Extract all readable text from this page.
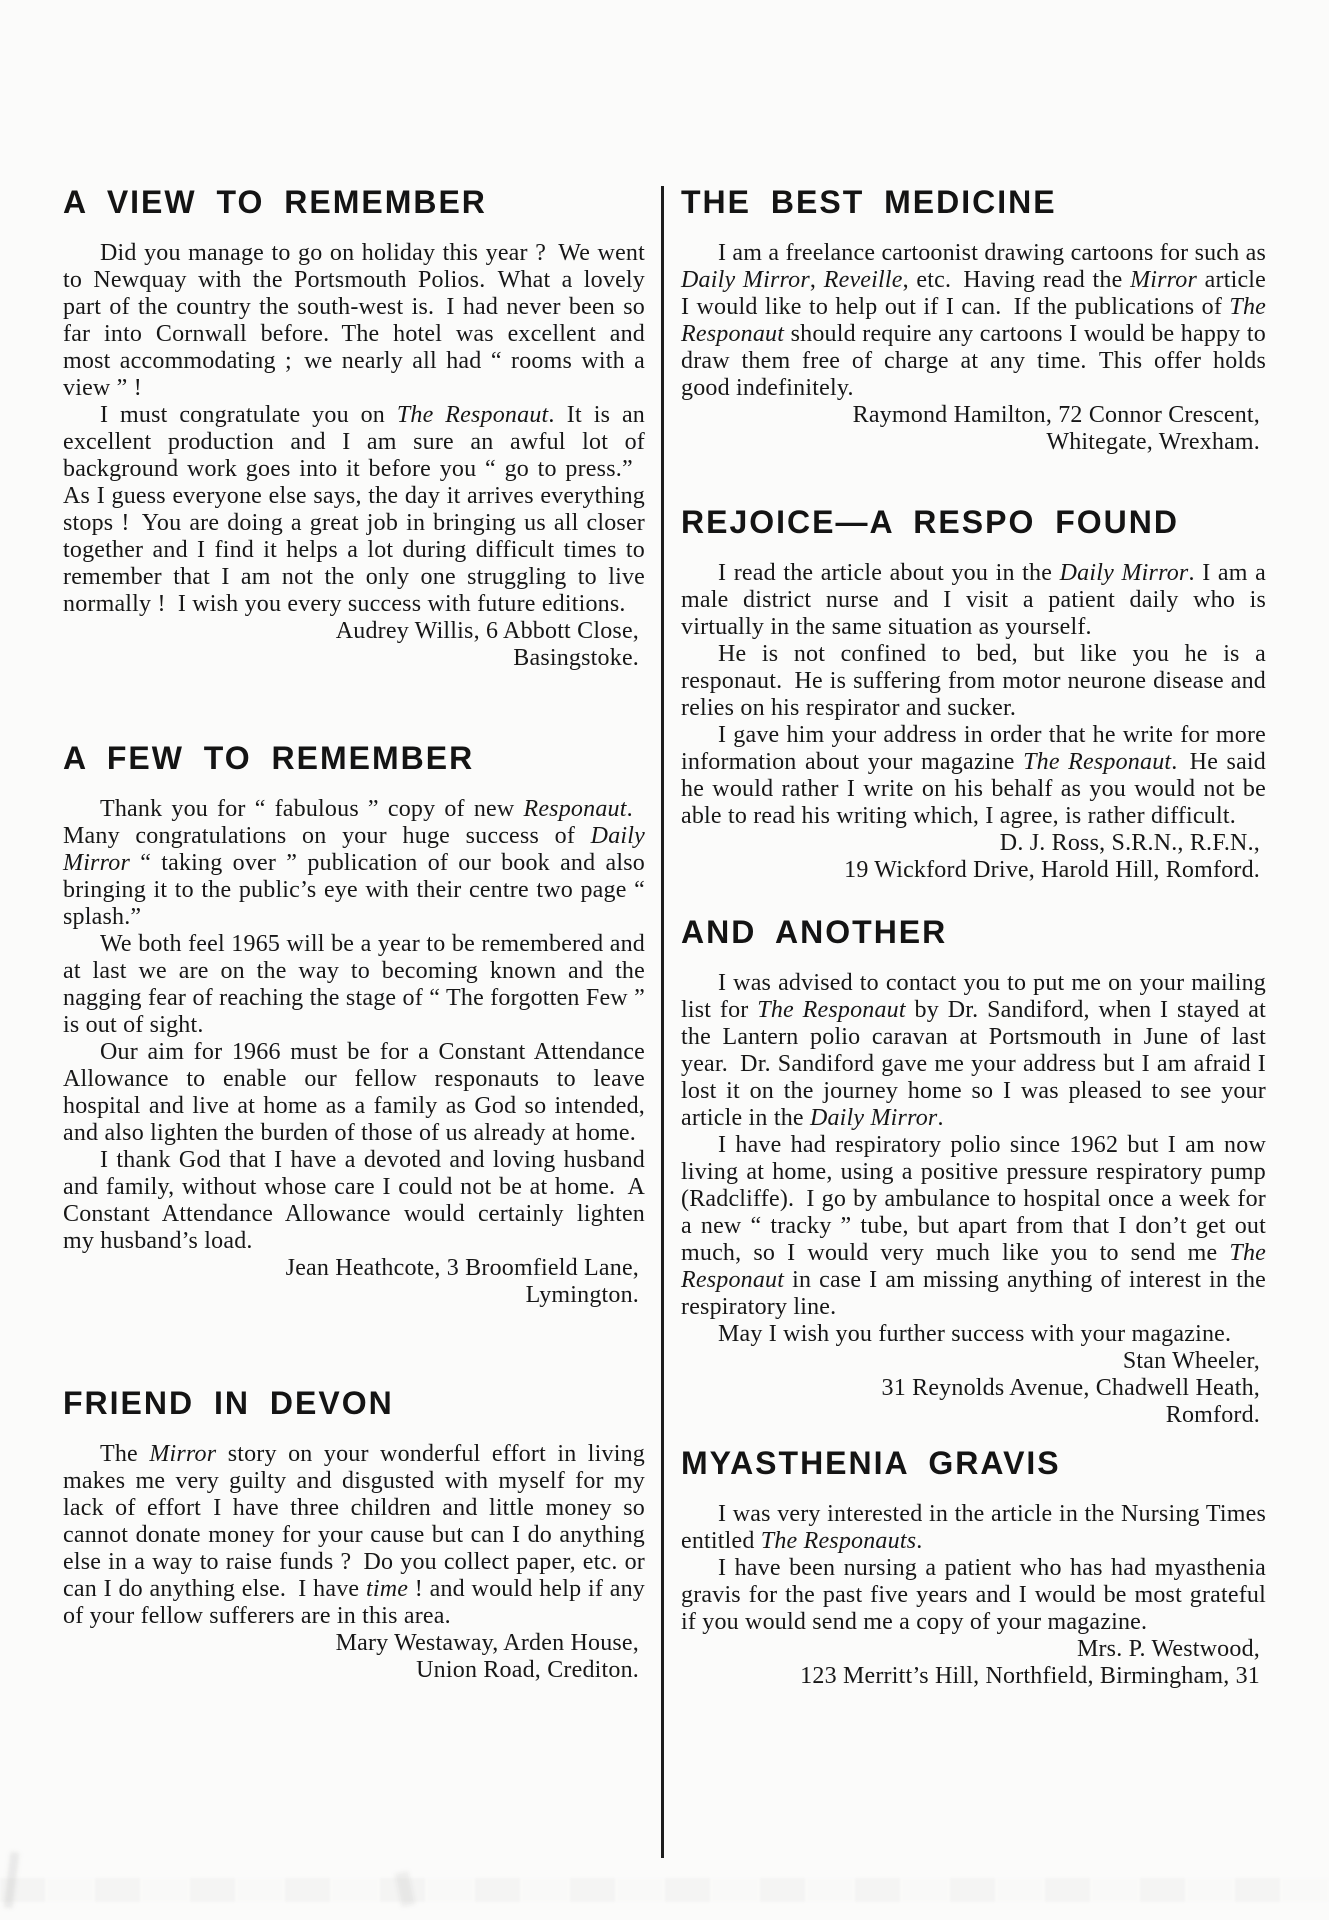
A VIEW TO REMEMBER

Did you manage to go on holiday this year ? We went to Newquay with the Portsmouth Polios. What a lovely part of the country the south-west is. I had never been so far into Cornwall before. The hotel was excellent and most accommodating ; we nearly all had “ rooms with a view ” !

I must congratulate you on The Responaut. It is an excellent production and I am sure an awful lot of background work goes into it before you “ go to press.” As I guess everyone else says, the day it arrives everything stops ! You are doing a great job in bringing us all closer together and I find it helps a lot during difficult times to remember that I am not the only one struggling to live normally ! I wish you every success with future editions.

Audrey Willis, 6 Abbott Close,
Basingstoke.
A FEW TO REMEMBER

Thank you for “ fabulous ” copy of new Responaut. Many congratulations on your huge success of Daily Mirror “ taking over ” publication of our book and also bringing it to the public’s eye with their centre two page “ splash.”

We both feel 1965 will be a year to be remembered and at last we are on the way to becoming known and the nagging fear of reaching the stage of “ The forgotten Few ” is out of sight.

Our aim for 1966 must be for a Constant Attendance Allowance to enable our fellow responauts to leave hospital and live at home as a family as God so intended, and also lighten the burden of those of us already at home.

I thank God that I have a devoted and loving husband and family, without whose care I could not be at home. A Constant Attendance Allowance would certainly lighten my husband’s load.

Jean Heathcote, 3 Broomfield Lane,
Lymington.
FRIEND IN DEVON

The Mirror story on your wonderful effort in living makes me very guilty and disgusted with myself for my lack of effort I have three children and little money so cannot donate money for your cause but can I do anything else in a way to raise funds ? Do you collect paper, etc. or can I do anything else. I have time ! and would help if any of your fellow sufferers are in this area.

Mary Westaway, Arden House,
Union Road, Crediton.
THE BEST MEDICINE

I am a freelance cartoonist drawing cartoons for such as Daily Mirror, Reveille, etc. Having read the Mirror article I would like to help out if I can. If the publications of The Responaut should require any cartoons I would be happy to draw them free of charge at any time. This offer holds good indefinitely.

Raymond Hamilton, 72 Connor Crescent,
Whitegate, Wrexham.
REJOICE—A RESPO FOUND

I read the article about you in the Daily Mirror. I am a male district nurse and I visit a patient daily who is virtually in the same situation as yourself.

He is not confined to bed, but like you he is a responaut. He is suffering from motor neurone disease and relies on his respirator and sucker.

I gave him your address in order that he write for more information about your magazine The Responaut. He said he would rather I write on his behalf as you would not be able to read his writing which, I agree, is rather difficult.

D. J. Ross, S.R.N., R.F.N.,
19 Wickford Drive, Harold Hill, Romford.
AND ANOTHER

I was advised to contact you to put me on your mailing list for The Responaut by Dr. Sandiford, when I stayed at the Lantern polio caravan at Portsmouth in June of last year. Dr. Sandiford gave me your address but I am afraid I lost it on the journey home so I was pleased to see your article in the Daily Mirror.

I have had respiratory polio since 1962 but I am now living at home, using a positive pressure respiratory pump (Radcliffe). I go by ambulance to hospital once a week for a new “ tracky ” tube, but apart from that I don’t get out much, so I would very much like you to send me The Responaut in case I am missing anything of interest in the respiratory line.

May I wish you further success with your magazine.

Stan Wheeler,
31 Reynolds Avenue, Chadwell Heath,
Romford.
MYASTHENIA GRAVIS

I was very interested in the article in the Nursing Times entitled The Responauts.

I have been nursing a patient who has had myasthenia gravis for the past five years and I would be most grateful if you would send me a copy of your magazine.

Mrs. P. Westwood,
123 Merritt’s Hill, Northfield, Birmingham, 31
